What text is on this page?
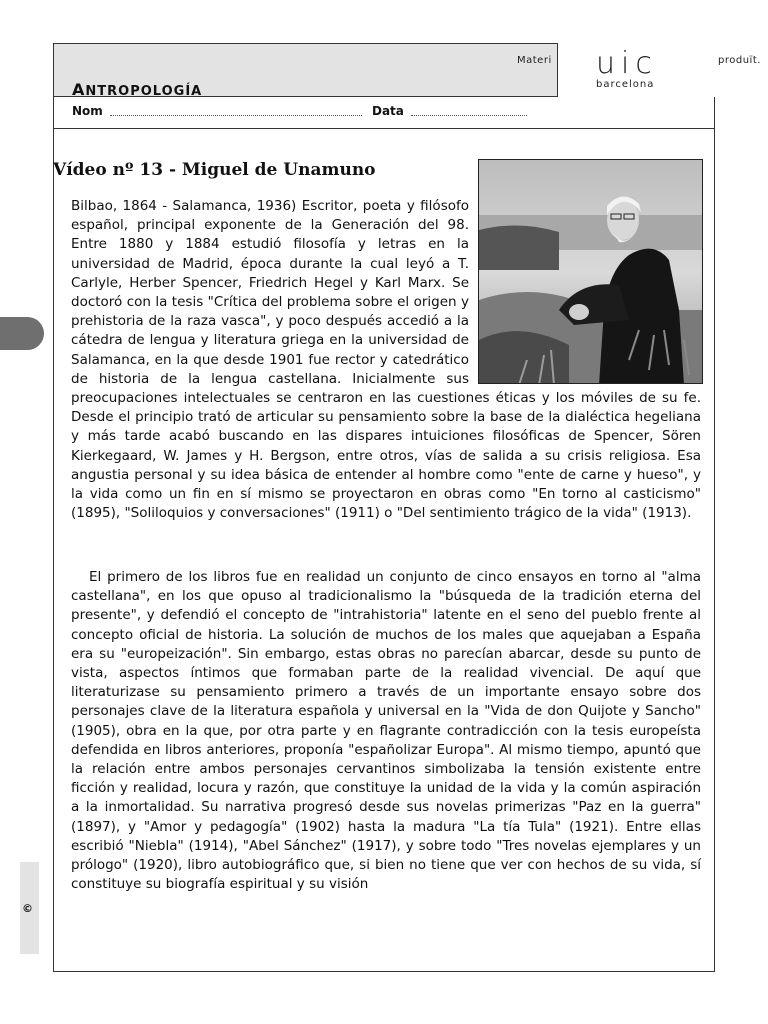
Materi	produït.
uic
barcelona
ANTROPOLOGÍA
Nom	Data
Vídeo nº 13 - Miguel de Unamuno

Bilbao, 1864 - Salamanca, 1936) Escritor, poeta y filósofo español, principal exponente de la Generación del 98. Entre 1880 y 1884 estudió filosofía y letras en la universidad de Madrid, época durante la cual leyó a T. Carlyle, Herber Spencer, Friedrich Hegel y Karl Marx. Se doctoró con la tesis "Crítica del problema sobre el origen y prehistoria de la raza vasca", y poco después accedió a la cátedra de lengua y literatura griega en la universidad de Salamanca, en la que desde 1901 fue rector y catedrático de historia de la lengua castellana. Inicialmente sus preocupaciones intelectuales se centraron en las cuestiones éticas y los móviles de su fe. Desde el principio trató de articular su pensamiento sobre la base de la dialéctica hegeliana y más tarde acabó buscando en las dispares intuiciones filosóficas de Spencer, Sören Kierkegaard, W. James y H. Bergson, entre otros, vías de salida a su crisis religiosa. Esa angustia personal y su idea básica de entender al hombre como "ente de carne y hueso", y la vida como un fin en sí mismo se proyectaron en obras como "En torno al casticismo" (1895), "Soliloquios y conversaciones" (1911) o "Del sentimiento trágico de la vida" (1913).

El primero de los libros fue en realidad un conjunto de cinco ensayos en torno al "alma castellana", en los que opuso al tradicionalismo la "búsqueda de la tradición eterna del presente", y defendió el concepto de "intrahistoria" latente en el seno del pueblo frente al concepto oficial de historia. La solución de muchos de los males que aquejaban a España era su "europeización". Sin embargo, estas obras no parecían abarcar, desde su punto de vista, aspectos íntimos que formaban parte de la realidad vivencial. De aquí que literaturizase su pensamiento primero a través de un importante ensayo sobre dos personajes clave de la literatura española y universal en la "Vida de don Quijote y Sancho" (1905), obra en la que, por otra parte y en flagrante contradicción con la tesis europeísta defendida en libros anteriores, proponía "españolizar Europa". Al mismo tiempo, apuntó que la relación entre ambos personajes cervantinos simbolizaba la tensión existente entre ficción y realidad, locura y razón, que constituye la unidad de la vida y la común aspiración a la inmortalidad. Su narrativa progresó desde sus novelas primerizas "Paz en la guerra" (1897), y "Amor y pedagogía" (1902) hasta la madura "La tía Tula" (1921). Entre ellas escribió "Niebla" (1914), "Abel Sánchez" (1917), y sobre todo "Tres novelas ejemplares y un prólogo" (1920), libro autobiográfico que, si bien no tiene que ver con hechos de su vida, sí constituye su biografía espiritual y su visión

©
